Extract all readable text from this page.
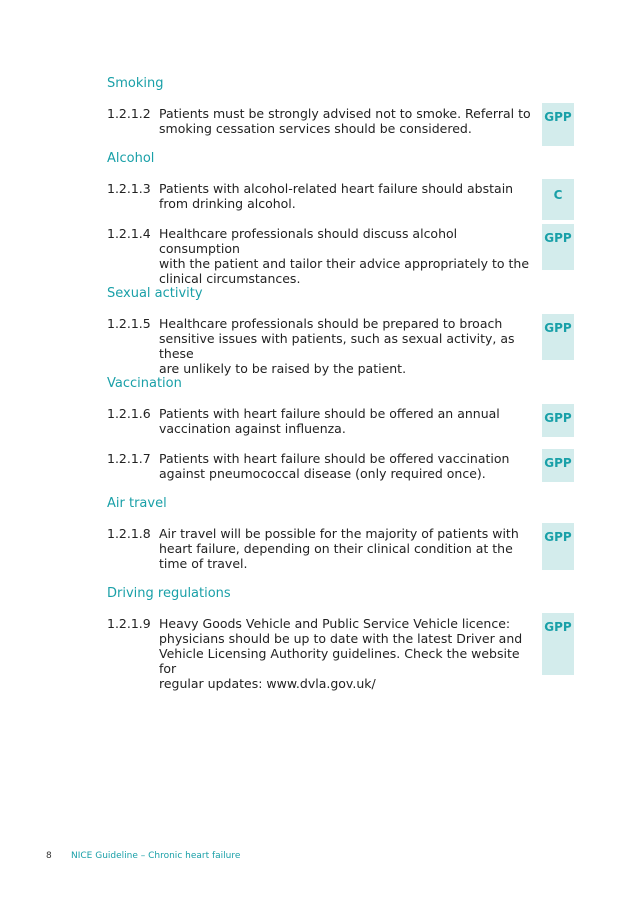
Smoking
1.2.1.2 Patients must be strongly advised not to smoke. Referral to
smoking cessation services should be considered.
GPP
Alcohol
1.2.1.3 Patients with alcohol-related heart failure should abstain
from drinking alcohol.
C
1.2.1.4 Healthcare professionals should discuss alcohol consumption
with the patient and tailor their advice appropriately to the
clinical circumstances.
GPP
Sexual activity
1.2.1.5 Healthcare professionals should be prepared to broach
sensitive issues with patients, such as sexual activity, as these
are unlikely to be raised by the patient.
GPP
Vaccination
1.2.1.6 Patients with heart failure should be offered an annual
vaccination against influenza.
GPP
1.2.1.7 Patients with heart failure should be offered vaccination
against pneumococcal disease (only required once).
GPP
Air travel
1.2.1.8 Air travel will be possible for the majority of patients with
heart failure, depending on their clinical condition at the
time of travel.
GPP
Driving regulations
1.2.1.9 Heavy Goods Vehicle and Public Service Vehicle licence:
physicians should be up to date with the latest Driver and
Vehicle Licensing Authority guidelines. Check the website for
regular updates: www.dvla.gov.uk/
GPP
8 NICE Guideline – Chronic heart failure
